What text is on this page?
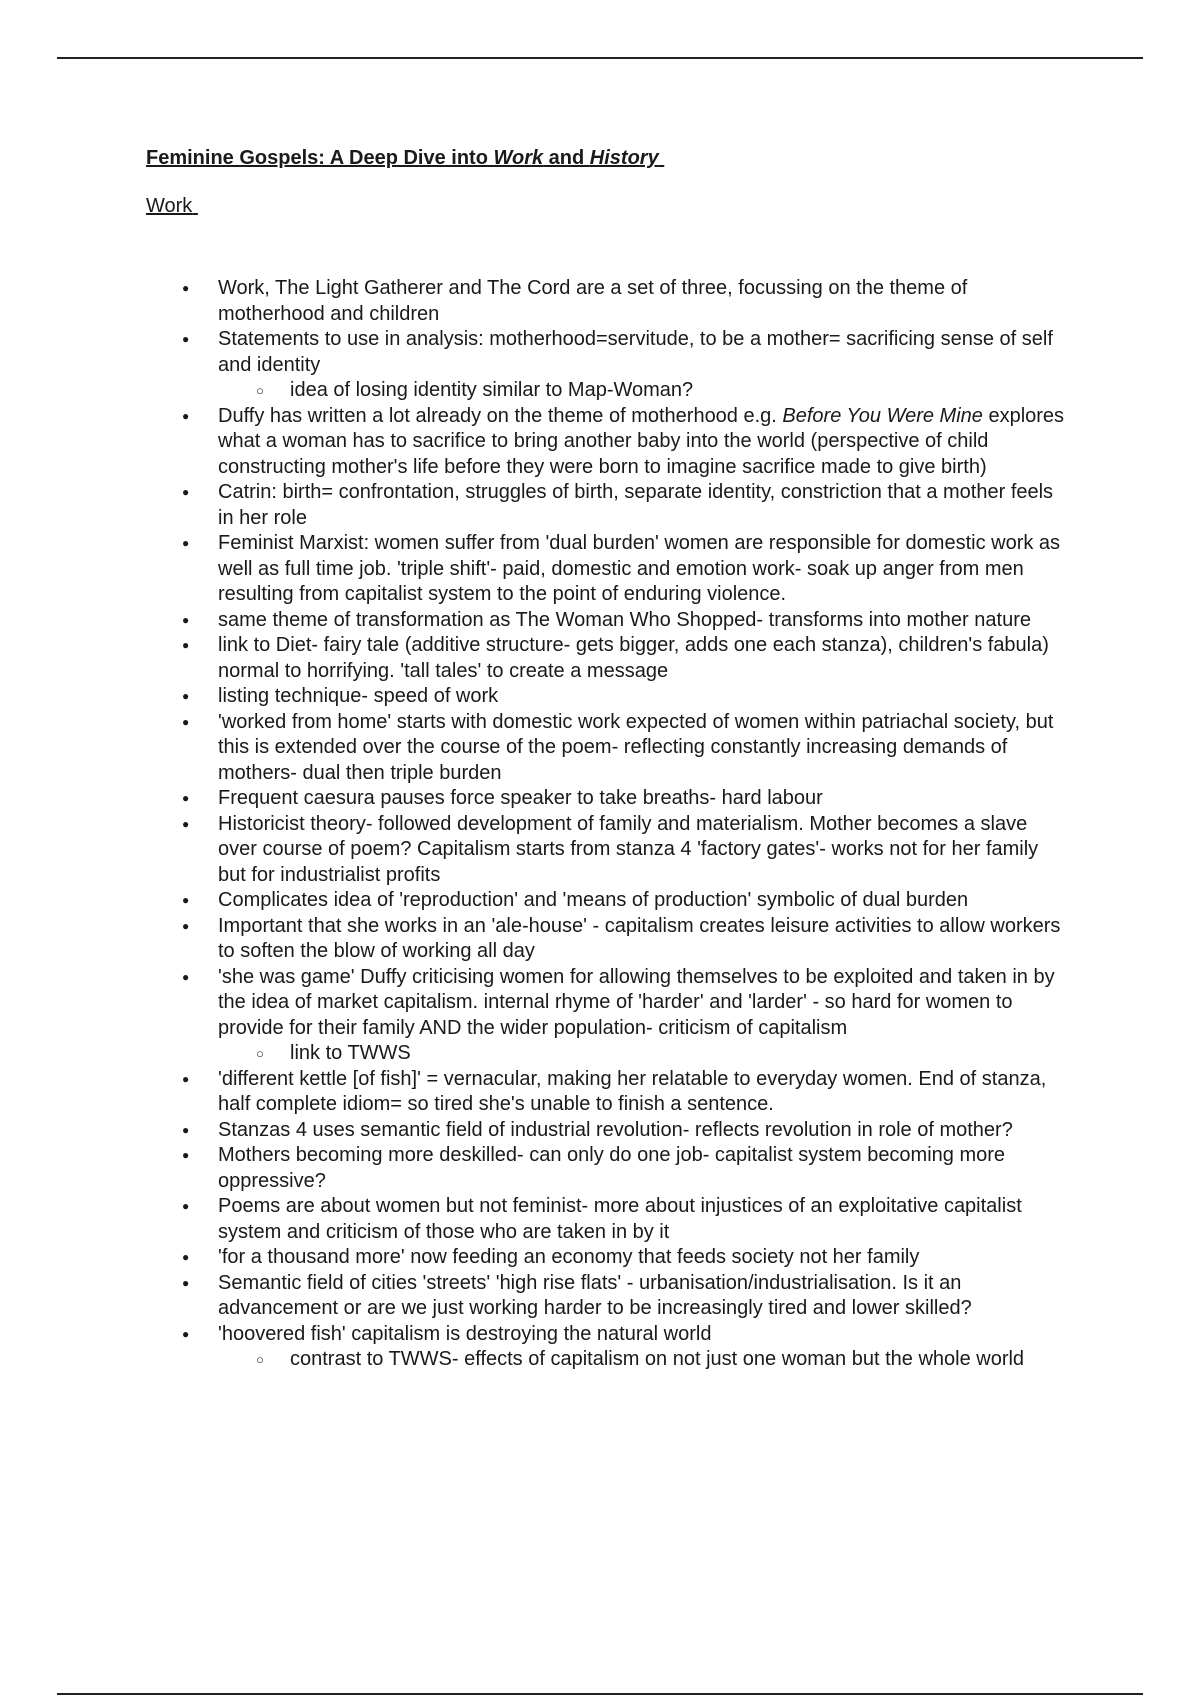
Feminine Gospels: A Deep Dive into Work and History
Work
● Work, The Light Gatherer and The Cord are a set of three, focussing on the theme of motherhood and children
● Statements to use in analysis: motherhood=servitude, to be a mother= sacrificing sense of self and identity
○ idea of losing identity similar to Map-Woman?
● Duffy has written a lot already on the theme of motherhood e.g. Before You Were Mine explores what a woman has to sacrifice to bring another baby into the world (perspective of child constructing mother's life before they were born to imagine sacrifice made to give birth)
● Catrin: birth= confrontation, struggles of birth, separate identity, constriction that a mother feels in her role
● Feminist Marxist: women suffer from 'dual burden' women are responsible for domestic work as well as full time job. 'triple shift'- paid, domestic and emotion work- soak up anger from men resulting from capitalist system to the point of enduring violence.
● same theme of transformation as The Woman Who Shopped- transforms into mother nature
● link to Diet- fairy tale (additive structure- gets bigger, adds one each stanza), children's fabula) normal to horrifying. 'tall tales' to create a message
● listing technique- speed of work
● 'worked from home' starts with domestic work expected of women within patriachal society, but this is extended over the course of the poem- reflecting constantly increasing demands of mothers- dual then triple burden
● Frequent caesura pauses force speaker to take breaths- hard labour
● Historicist theory- followed development of family and materialism. Mother becomes a slave over course of poem? Capitalism starts from stanza 4 'factory gates'- works not for her family but for industrialist profits
● Complicates idea of 'reproduction' and 'means of production' symbolic of dual burden
● Important that she works in an 'ale-house' - capitalism creates leisure activities to allow workers to soften the blow of working all day
● 'she was game' Duffy criticising women for allowing themselves to be exploited and taken in by the idea of market capitalism. internal rhyme of 'harder' and 'larder' - so hard for women to provide for their family AND the wider population- criticism of capitalism
○ link to TWWS
● 'different kettle [of fish]' = vernacular, making her relatable to everyday women. End of stanza, half complete idiom= so tired she's unable to finish a sentence.
● Stanzas 4 uses semantic field of industrial revolution- reflects revolution in role of mother?
● Mothers becoming more deskilled- can only do one job- capitalist system becoming more oppressive?
● Poems are about women but not feminist- more about injustices of an exploitative capitalist system and criticism of those who are taken in by it
● 'for a thousand more' now feeding an economy that feeds society not her family
● Semantic field of cities 'streets' 'high rise flats' - urbanisation/industrialisation. Is it an advancement or are we just working harder to be increasingly tired and lower skilled?
● 'hoovered fish' capitalism is destroying the natural world
○ contrast to TWWS- effects of capitalism on not just one woman but the whole world
